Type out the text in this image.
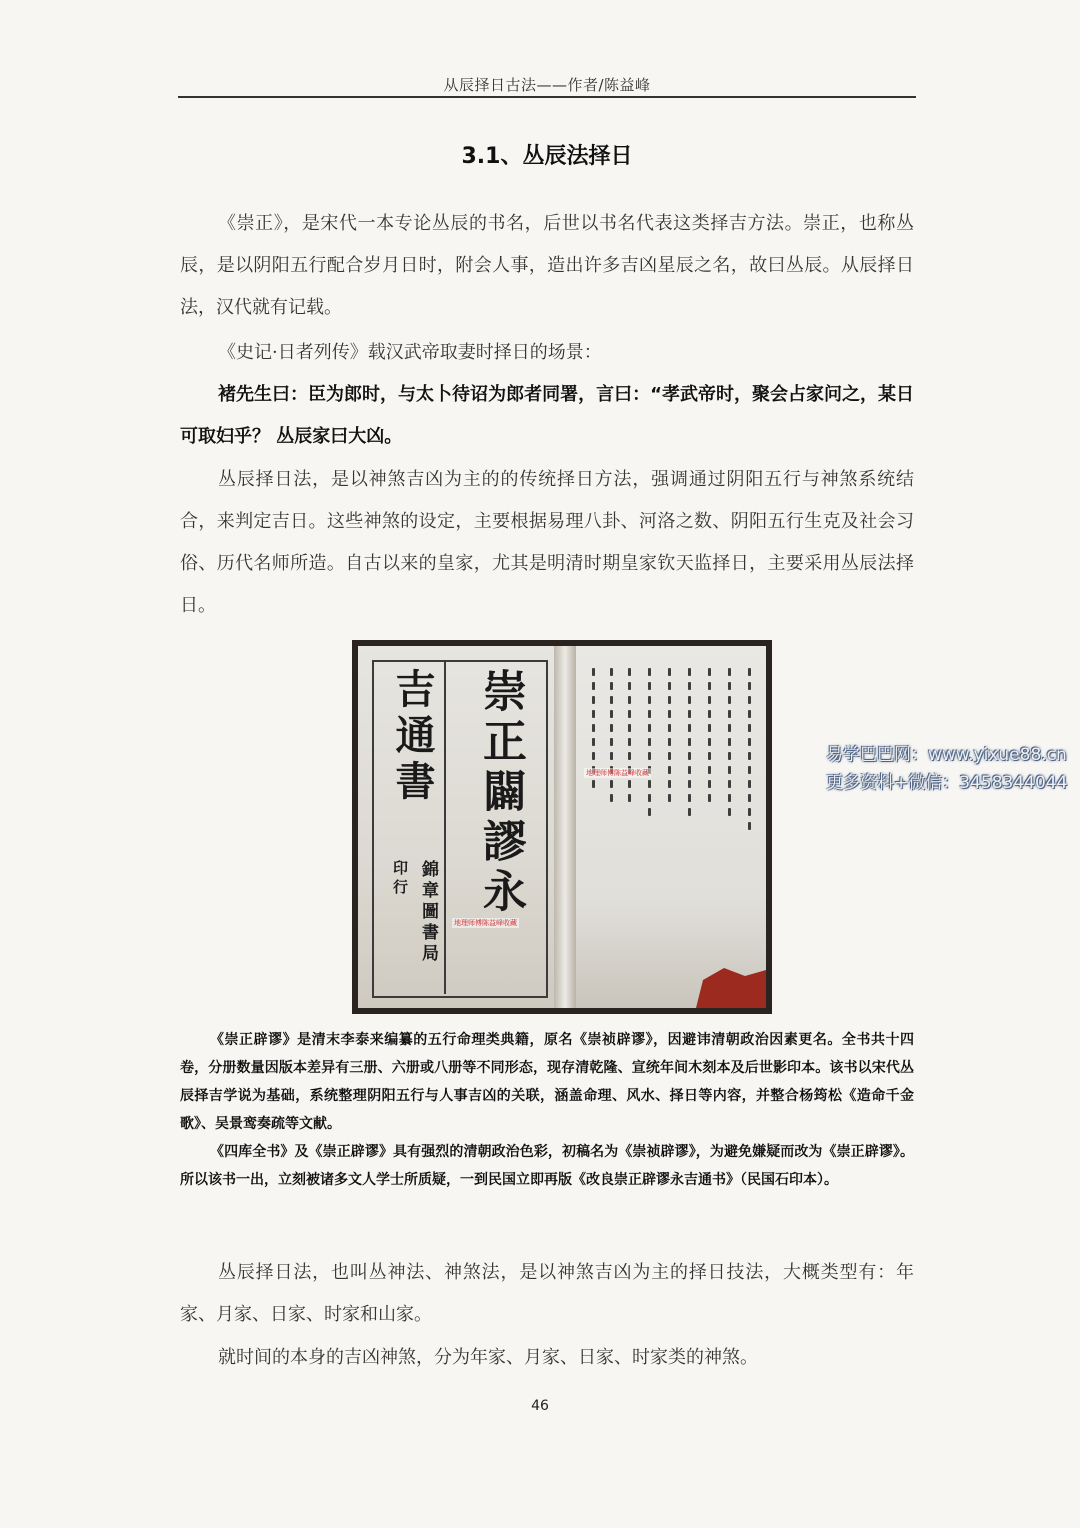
从辰择日古法——作者/陈益峰
3.1、丛辰法择日
《崇正》，是宋代一本专论丛辰的书名，后世以书名代表这类择吉方法。崇正，也称丛辰，是以阴阳五行配合岁月日时，附会人事，造出许多吉凶星辰之名，故曰丛辰。从辰择日法，汉代就有记载。
《史记·日者列传》载汉武帝取妻时择日的场景：
褚先生曰：臣为郎时，与太卜待诏为郎者同署，言曰：“孝武帝时，聚会占家问之，某日可取妇乎？ 丛辰家曰大凶。
丛辰择日法，是以神煞吉凶为主的的传统择日方法，强调通过阴阳五行与神煞系统结合，来判定吉日。这些神煞的设定，主要根据易理八卦、河洛之数、阴阳五行生克及社会习俗、历代名师所造。自古以来的皇家，尤其是明清时期皇家钦天监择日，主要采用丛辰法择日。
崇正闢謬永
吉通書
錦章圖書局
印行
地理师傅陈益峰收藏
地理师傅陈益峰收藏
易学巴巴网：www.yixue88.cn
更多资料+微信：3458344044
《崇正辟谬》是清末李泰来编纂的五行命理类典籍，原名《崇祯辟谬》，因避讳清朝政治因素更名。全书共十四卷，分册数量因版本差异有三册、六册或八册等不同形态，现存清乾隆、宣统年间木刻本及后世影印本。该书以宋代丛辰择吉学说为基础，系统整理阴阳五行与人事吉凶的关联，涵盖命理、风水、择日等内容，并整合杨筠松《造命千金歌》、吴景鸾奏疏等文献。
《四库全书》及《崇正辟谬》具有强烈的清朝政治色彩，初稿名为《崇祯辟谬》，为避免嫌疑而改为《崇正辟谬》。所以该书一出，立刻被诸多文人学士所质疑，一到民国立即再版《改良崇正辟谬永吉通书》（民国石印本）。
丛辰择日法，也叫丛神法、神煞法，是以神煞吉凶为主的择日技法，大概类型有：年家、月家、日家、时家和山家。
就时间的本身的吉凶神煞，分为年家、月家、日家、时家类的神煞。
46
